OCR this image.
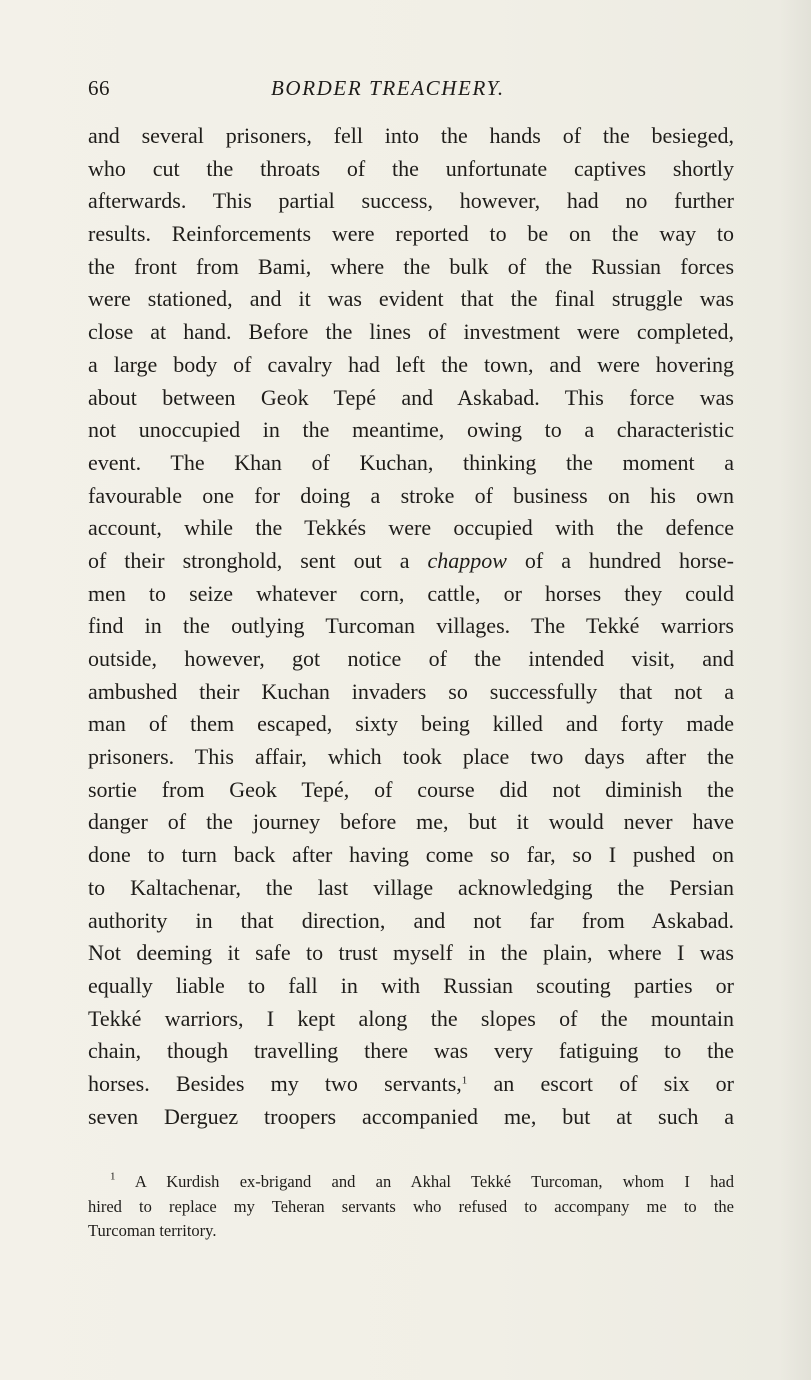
66	BORDER TREACHERY.
and several prisoners, fell into the hands of the besieged,
who cut the throats of the unfortunate captives shortly
afterwards. This partial success, however, had no further
results. Reinforcements were reported to be on the way to
the front from Bami, where the bulk of the Russian forces
were stationed, and it was evident that the final struggle was
close at hand. Before the lines of investment were completed,
a large body of cavalry had left the town, and were hovering
about between Geok Tepé and Askabad. This force was
not unoccupied in the meantime, owing to a characteristic
event. The Khan of Kuchan, thinking the moment a
favourable one for doing a stroke of business on his own
account, while the Tekkés were occupied with the defence
of their stronghold, sent out a chappow of a hundred horse-
men to seize whatever corn, cattle, or horses they could
find in the outlying Turcoman villages. The Tekké warriors
outside, however, got notice of the intended visit, and
ambushed their Kuchan invaders so successfully that not a
man of them escaped, sixty being killed and forty made
prisoners. This affair, which took place two days after the
sortie from Geok Tepé, of course did not diminish the
danger of the journey before me, but it would never have
done to turn back after having come so far, so I pushed on
to Kaltachenar, the last village acknowledging the Persian
authority in that direction, and not far from Askabad.
Not deeming it safe to trust myself in the plain, where I was
equally liable to fall in with Russian scouting parties or
Tekké warriors, I kept along the slopes of the mountain
chain, though travelling there was very fatiguing to the
horses. Besides my two servants,$^1$ an escort of six or
seven Derguez troopers accompanied me, but at such a
$^1$ A Kurdish ex-brigand and an Akhal Tekké Turcoman, whom I had
hired to replace my Teheran servants who refused to accompany me to the
Turcoman territory.
